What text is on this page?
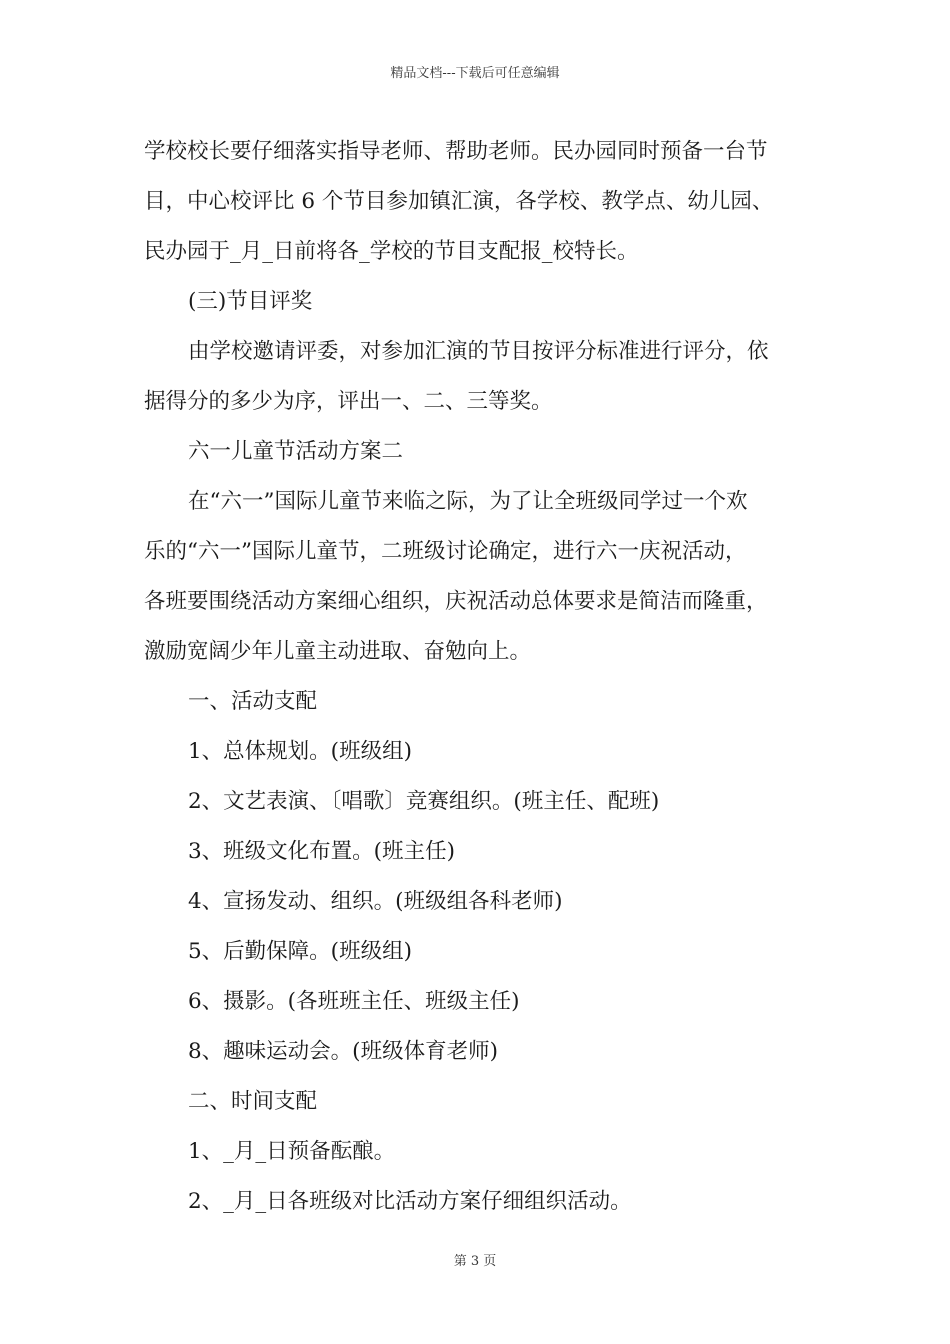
精品文档---下载后可任意编辑
学校校长要仔细落实指导老师、帮助老师。民办园同时预备一台节
目，中心校评比 6 个节目参加镇汇演，各学校、教学点、幼儿园、
民办园于_月_日前将各_学校的节目支配报_校特长。
(三)节目评奖
由学校邀请评委，对参加汇演的节目按评分标准进行评分，依
据得分的多少为序，评出一、二、三等奖。
六一儿童节活动方案二
在“六一”国际儿童节来临之际，为了让全班级同学过一个欢
乐的“六一”国际儿童节，二班级讨论确定，进行六一庆祝活动，
各班要围绕活动方案细心组织，庆祝活动总体要求是简洁而隆重，
激励宽阔少年儿童主动进取、奋勉向上。
一、活动支配
1、总体规划。(班级组)
2、文艺表演、〔唱歌〕竞赛组织。(班主任、配班)
3、班级文化布置。(班主任)
4、宣扬发动、组织。(班级组各科老师)
5、后勤保障。(班级组)
6、摄影。(各班班主任、班级主任)
8、趣味运动会。(班级体育老师)
二、时间支配
1、_月_日预备酝酿。
2、_月_日各班级对比活动方案仔细组织活动。
第 3 页
